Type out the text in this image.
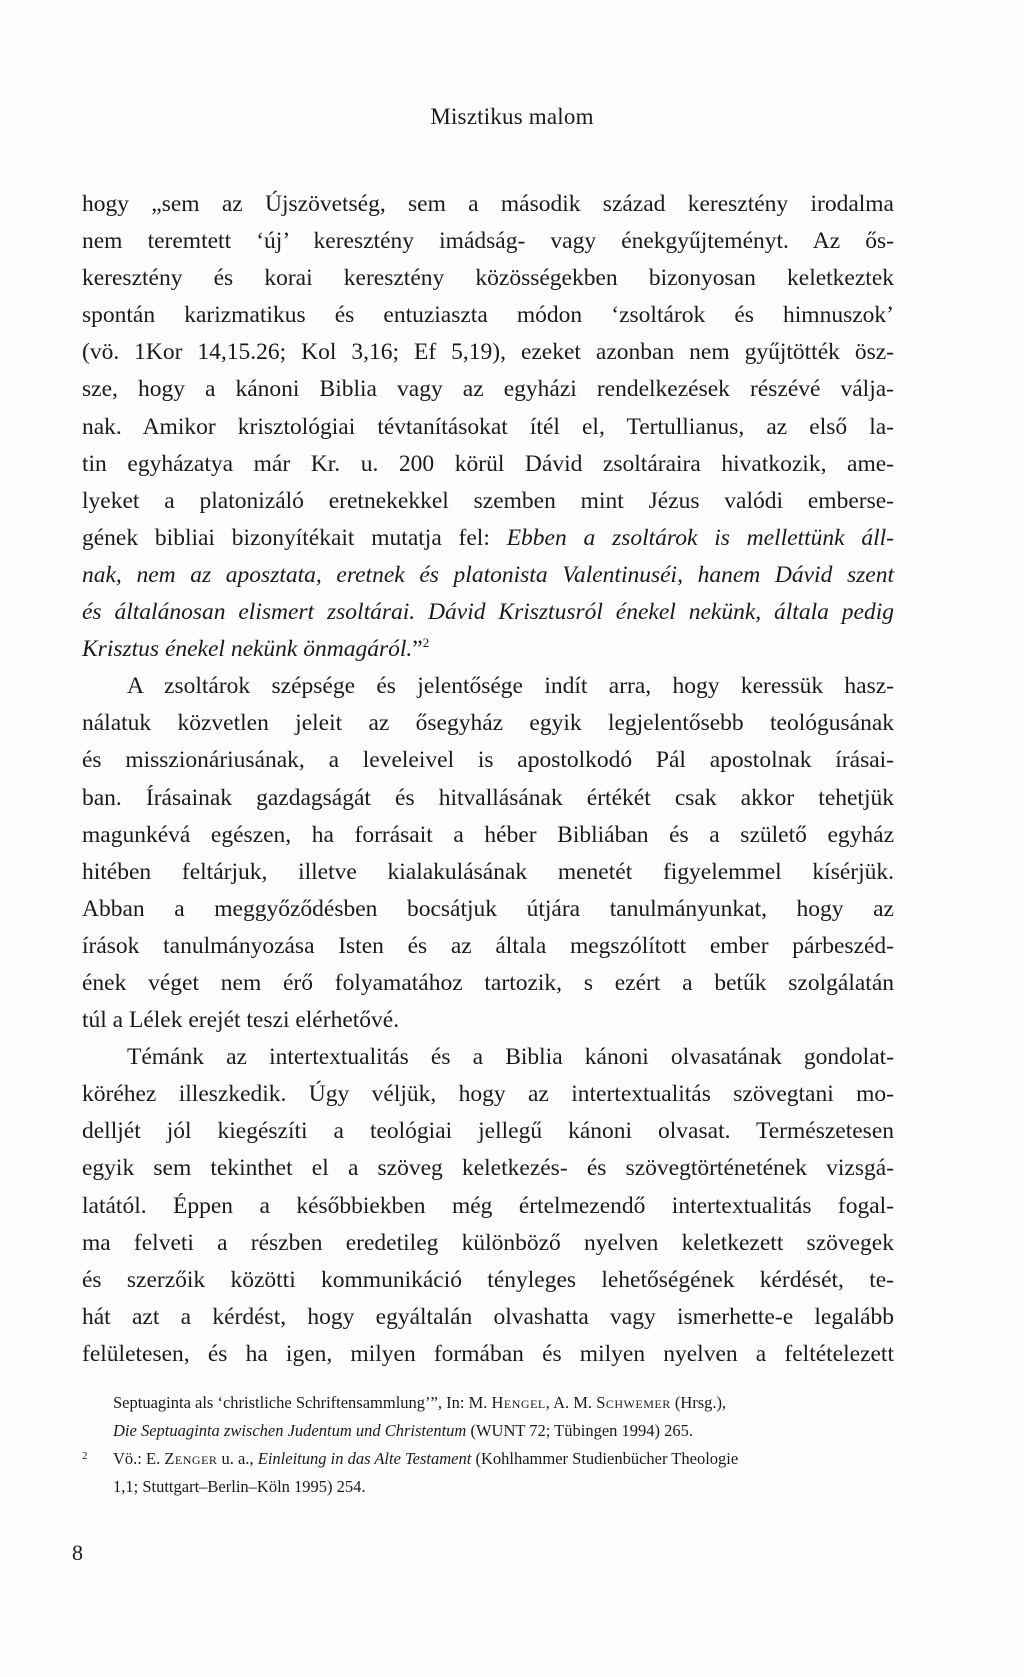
Misztikus malom
hogy „sem az Újszövetség, sem a második század keresztény irodalma
nem teremtett ‘új’ keresztény imádság- vagy énekgyűjteményt. Az ős-
keresztény és korai keresztény közösségekben bizonyosan keletkeztek
spontán karizmatikus és entuziaszta módon ‘zsoltárok és himnuszok’
(vö. 1Kor 14,15.26; Kol 3,16; Ef 5,19), ezeket azonban nem gyűjtötték ösz-
sze, hogy a kánoni Biblia vagy az egyházi rendelkezések részévé válja-
nak. Amikor krisztológiai tévtanításokat ítél el, Tertullianus, az első la-
tin egyházatya már Kr. u. 200 körül Dávid zsoltáraira hivatkozik, ame-
lyeket a platonizáló eretnekekkel szemben mint Jézus valódi emberse-
gének bibliai bizonyítékait mutatja fel: Ebben a zsoltárok is mellettünk áll-
nak, nem az aposztata, eretnek és platonista Valentinuséi, hanem Dávid szent
és általánosan elismert zsoltárai. Dávid Krisztusról énekel nekünk, általa pedig
Krisztus énekel nekünk önmagáról.”$^2$
A zsoltárok szépsége és jelentősége indít arra, hogy keressük hasz-
nálatuk közvetlen jeleit az ősegyház egyik legjelentősebb teológusának
és misszionáriusának, a leveleivel is apostolkodó Pál apostolnak írásai-
ban. Írásainak gazdagságát és hitvallásának értékét csak akkor tehetjük
magunkévá egészen, ha forrásait a héber Bibliában és a születő egyház
hitében feltárjuk, illetve kialakulásának menetét figyelemmel kísérjük.
Abban a meggyőződésben bocsátjuk útjára tanulmányunkat, hogy az
írások tanulmányozása Isten és az általa megszólított ember párbeszéd-
ének véget nem érő folyamatához tartozik, s ezért a betűk szolgálatán
túl a Lélek erejét teszi elérhetővé.
Témánk az intertextualitás és a Biblia kánoni olvasatának gondolat-
köréhez illeszkedik. Úgy véljük, hogy az intertextualitás szövegtani mo-
delljét jól kiegészíti a teológiai jellegű kánoni olvasat. Természetesen
egyik sem tekinthet el a szöveg keletkezés- és szövegtörténetének vizsgá-
latától. Éppen a későbbiekben még értelmezendő intertextualitás fogal-
ma felveti a részben eredetileg különböző nyelven keletkezett szövegek
és szerzőik közötti kommunikáció tényleges lehetőségének kérdését, te-
hát azt a kérdést, hogy egyáltalán olvashatta vagy ismerhette-e legalább
felületesen, és ha igen, milyen formában és milyen nyelven a feltételezett
Septuaginta als ‘christliche Schriftensammlung’”, In: M. Hengel, A. M. Schwemer (Hrsg.),
Die Septuaginta zwischen Judentum und Christentum (WUNT 72; Tübingen 1994) 265.
2 Vö.: E. Zenger u. a., Einleitung in das Alte Testament (Kohlhammer Studienbücher Theologie
1,1; Stuttgart–Berlin–Köln 1995) 254.
8
